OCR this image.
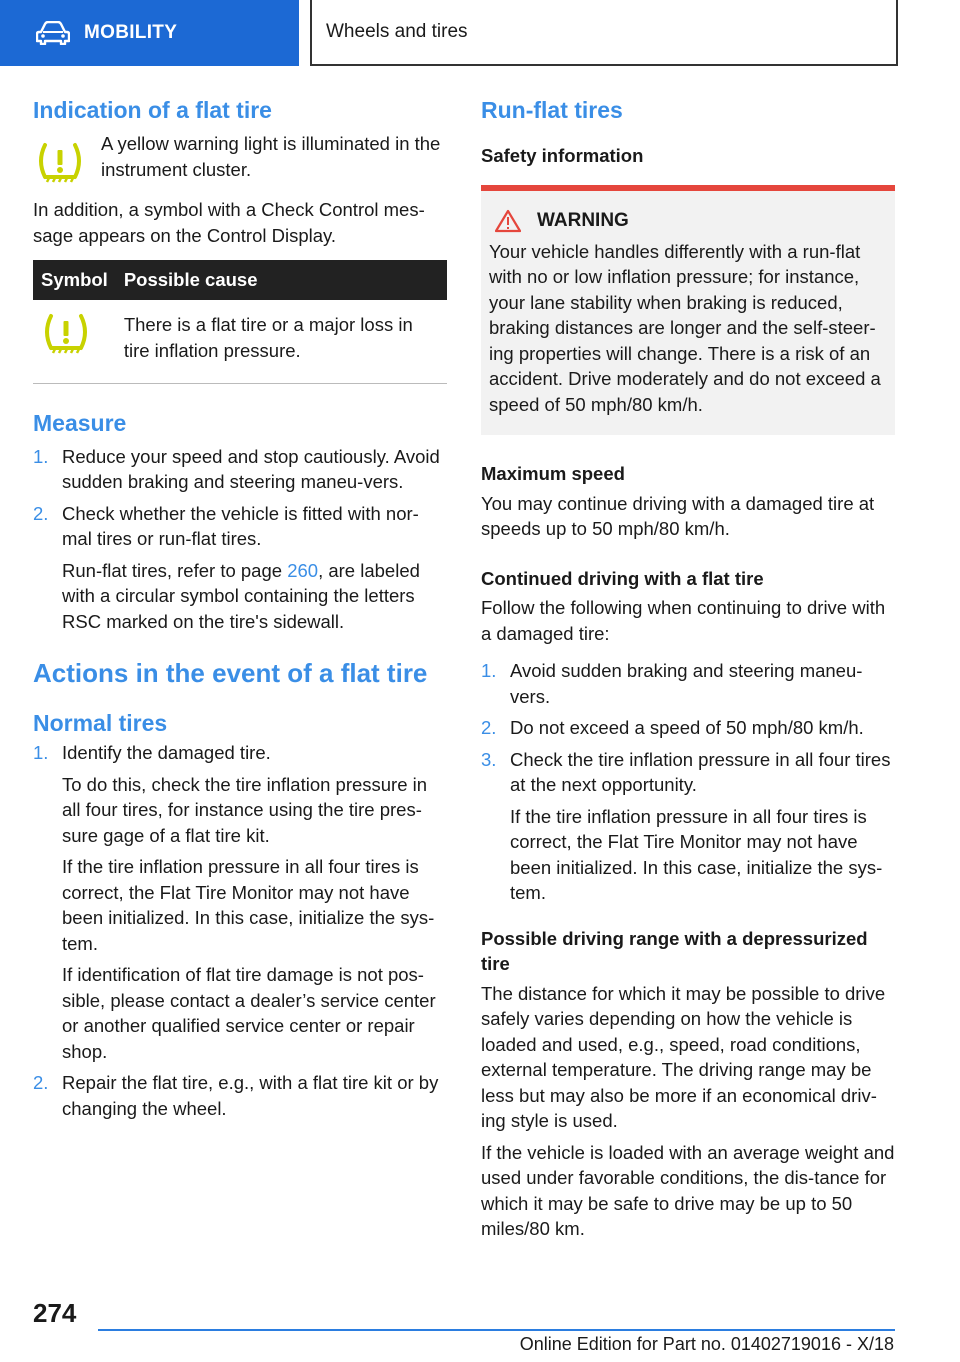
MOBILITY	Wheels and tires
Indication of a flat tire

A yellow warning light is illuminated in the instrument cluster.

In addition, a symbol with a Check Control mes-sage appears on the Control Display.

Symbol	Possible cause
	There is a flat tire or a major loss in tire inflation pressure.
Measure
1. Reduce your speed and stop cautiously. Avoid sudden braking and steering maneu-vers.

2. Check whether the vehicle is fitted with nor-mal tires or run-flat tires.

Run-flat tires, refer to page 260, are labeled with a circular symbol containing the letters RSC marked on the tire's sidewall.

Actions in the event of a flat tire
Normal tires
1. Identify the damaged tire.

To do this, check the tire inflation pressure in all four tires, for instance using the tire pres-sure gage of a flat tire kit.

If the tire inflation pressure in all four tires is correct, the Flat Tire Monitor may not have been initialized. In this case, initialize the sys-tem.

If identification of flat tire damage is not pos-sible, please contact a dealer’s service center or another qualified service center or repair shop.

2. Repair the flat tire, e.g., with a flat tire kit or by changing the wheel.

Run-flat tires

Safety information

WARNING

Your vehicle handles differently with a run-flat with no or low inflation pressure; for instance, your lane stability when braking is reduced, braking distances are longer and the self-steer-ing properties will change. There is a risk of an accident. Drive moderately and do not exceed a speed of 50 mph/80 km/h.

Maximum speed

You may continue driving with a damaged tire at speeds up to 50 mph/80 km/h.

Continued driving with a flat tire

Follow the following when continuing to drive with a damaged tire:

1. Avoid sudden braking and steering maneu-vers.

2. Do not exceed a speed of 50 mph/80 km/h.

3. Check the tire inflation pressure in all four tires at the next opportunity.

If the tire inflation pressure in all four tires is correct, the Flat Tire Monitor may not have been initialized. In this case, initialize the sys-tem.

Possible driving range with a depressurized tire

The distance for which it may be possible to drive safely varies depending on how the vehicle is loaded and used, e.g., speed, road conditions, external temperature. The driving range may be less but may also be more if an economical driv-ing style is used.

If the vehicle is loaded with an average weight and used under favorable conditions, the dis-tance for which it may be safe to drive may be up to 50 miles/80 km.

274
Online Edition for Part no. 01402719016 - X/18
